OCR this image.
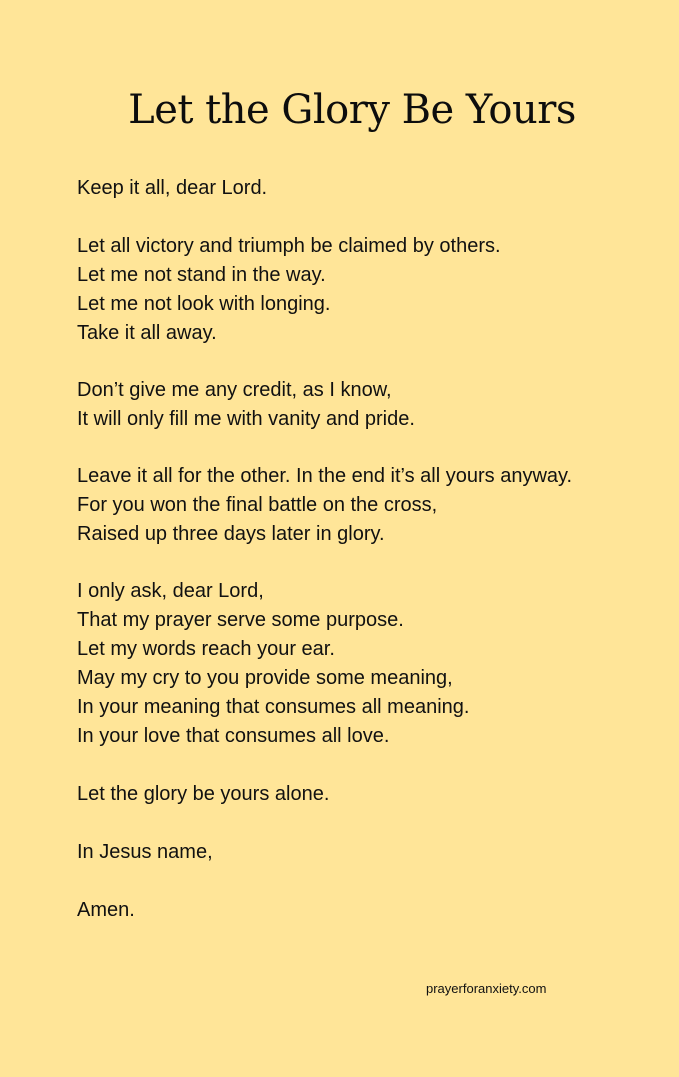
Let the Glory Be Yours
Keep it all, dear Lord.
Let all victory and triumph be claimed by others.
Let me not stand in the way.
Let me not look with longing.
Take it all away.
Don’t give me any credit, as I know,
It will only fill me with vanity and pride.
Leave it all for the other. In the end it’s all yours anyway.
For you won the final battle on the cross,
Raised up three days later in glory.
I only ask, dear Lord,
That my prayer serve some purpose.
Let my words reach your ear.
May my cry to you provide some meaning,
In your meaning that consumes all meaning.
In your love that consumes all love.
Let the glory be yours alone.
In Jesus name,
Amen.
prayerforanxiety.com
